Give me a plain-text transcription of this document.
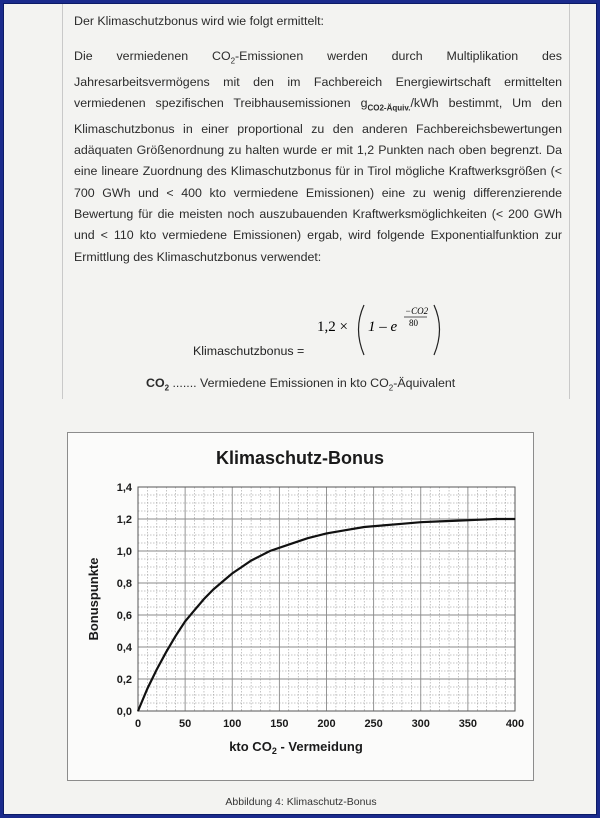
Der Klimaschutzbonus wird wie folgt ermittelt:

Die vermiedenen $CO_2$-Emissionen werden durch Multiplikation des Jahresarbeitsvermögens mit den im Fachbereich Energiewirtschaft ermittelten vermiedenen spezifischen Treibhausemissionen $g_{CO2-Äquiv.}$/kWh bestimmt, Um den Klimaschutzbonus in einer proportional zu den anderen Fachbereichsbewertungen adäquaten Größenordnung zu halten wurde er mit 1,2 Punkten nach oben begrenzt. Da eine lineare Zuordnung des Klimaschutzbonus für in Tirol mögliche Kraftwerksgrößen (< 700 GWh und < 400 kto vermiedene Emissionen) eine zu wenig differenzierende Bewertung für die meisten noch auszubauenden Kraftwerksmöglichkeiten (< 200 GWh und < 110 kto vermiedene Emissionen) ergab, wird folgende Exponentialfunktion zur Ermittlung des Klimaschutzbonus verwendet:

Klimaschutzbonus =
1,2 × 1 – e
−CO2
80
$CO_2$ ....... Vermiedene Emissionen in kto $CO_2$-Äquivalent
Klimaschutz-Bonus
0	50	100	150	200	250	300	350	400
0,0
0,2
0,4
0,6
0,8
1,0
1,2
1,4
Bonuspunkte
kto $CO_2$ - Vermeidung
Abbildung 4: Klimaschutz-Bonus
